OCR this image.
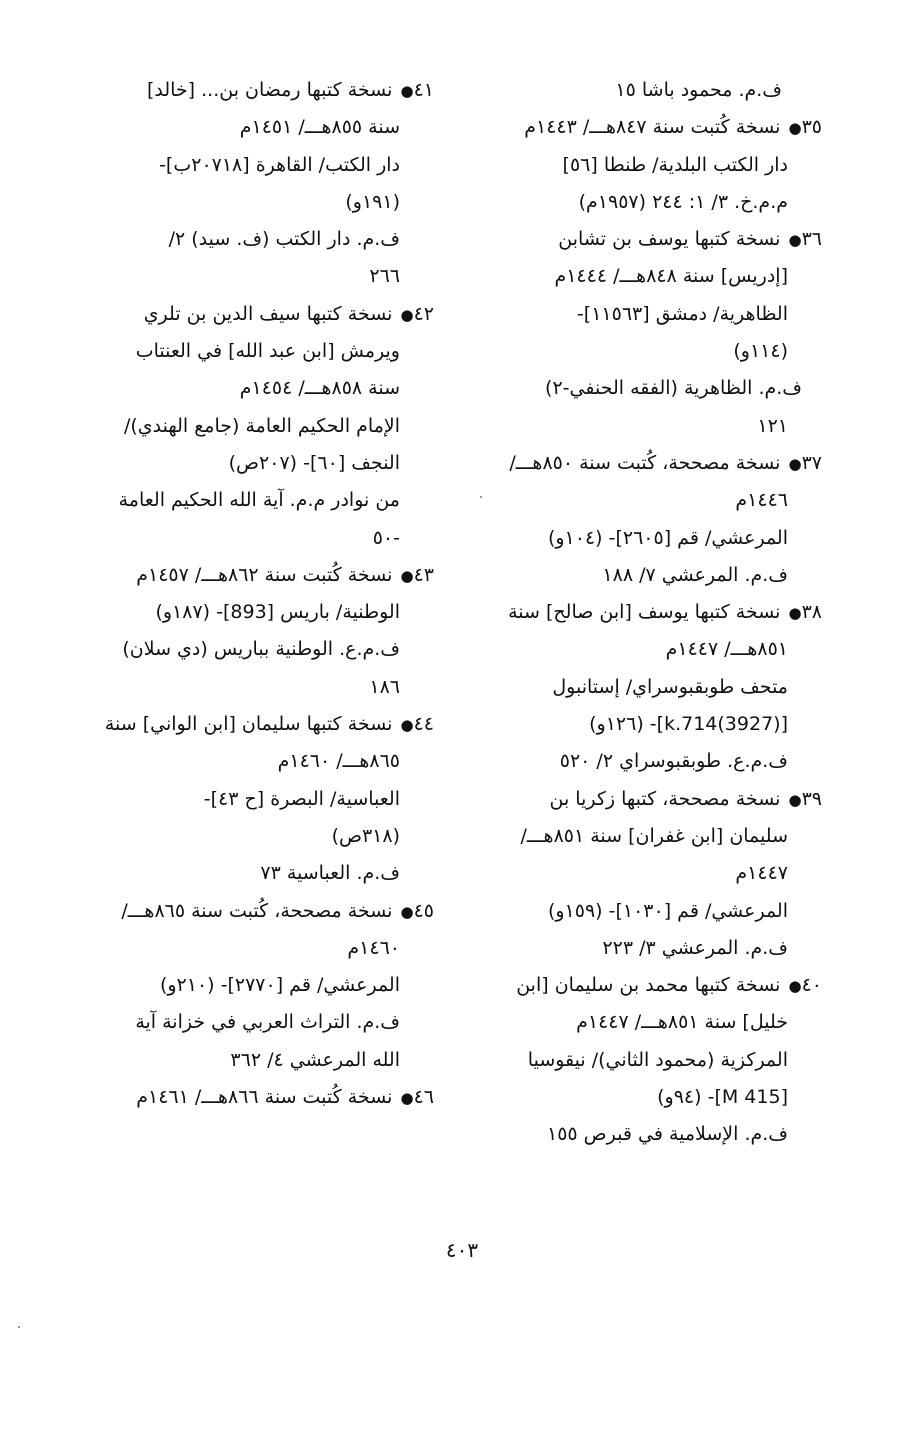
ف.م. محمود باشا ١٥
٣٥● نسخة كُتبت سنة ٨٤٧هـــ/ ١٤٤٣م
دار الكتب البلدية/ طنطا [٥٦]
م.م.خ. ٣/ ١: ٢٤٤ (١٩٥٧م)
٣٦● نسخة كتبها يوسف بن تشابن
[إدريس] سنة ٨٤٨هـــ/ ١٤٤٤م
الظاهرية/ دمشق [١١٥٦٣]-
(١١٤و)
ف.م. الظاهرية (الفقه الحنفي-٢)
١٢١
٣٧● نسخة مصححة، كُتبت سنة ٨٥٠هـــ/
١٤٤٦م
المرعشي/ قم [٢٦٠٥]- (١٠٤و)
ف.م. المرعشي ٧/ ١٨٨
٣٨● نسخة كتبها يوسف [ابن صالح] سنة
٨٥١هـــ/ ١٤٤٧م
متحف طوبقبوسراي/ إستانبول
[k.714(3927)]- (١٢٦و)
ف.م.ع. طوبقبوسراي ٢/ ٥٢٠
٣٩● نسخة مصححة، كتبها زكريا بن
سليمان [ابن غفران] سنة ٨٥١هـــ/
١٤٤٧م
المرعشي/ قم [١٠٣٠]- (١٥٩و)
ف.م. المرعشي ٣/ ٢٢٣
٤٠● نسخة كتبها محمد بن سليمان [ابن
خليل] سنة ٨٥١هـــ/ ١٤٤٧م
المركزية (محمود الثاني)/ نيقوسيا
[M 415]- (٩٤و)
ف.م. الإسلامية في قبرص ١٥٥
٤١● نسخة كتبها رمضان بن... [خالد]
سنة ٨٥٥هـــ/ ١٤٥١م
دار الكتب/ القاهرة [٢٠٧١٨ب]-
(١٩١و)
ف.م. دار الكتب (ف. سيد) ٢/
٢٦٦
٤٢● نسخة كتبها سيف الدين بن تلري
ويرمش [ابن عبد الله] في العنتاب
سنة ٨٥٨هـــ/ ١٤٥٤م
الإمام الحكيم العامة (جامع الهندي)/
النجف [٦٠]- (٢٠٧ص)
من نوادر م.م. آية الله الحكيم العامة
-٥٠
٤٣● نسخة كُتبت سنة ٨٦٢هـــ/ ١٤٥٧م
الوطنية/ باريس [893]- (١٨٧و)
ف.م.ع. الوطنية بباريس (دي سلان)
١٨٦
٤٤● نسخة كتبها سليمان [ابن الواني] سنة
٨٦٥هـــ/ ١٤٦٠م
العباسية/ البصرة [ح ٤٣]-
(٣١٨ص)
ف.م. العباسية ٧٣
٤٥● نسخة مصححة، كُتبت سنة ٨٦٥هـــ/
١٤٦٠م
المرعشي/ قم [٢٧٧٠]- (٢١٠و)
ف.م. التراث العربي في خزانة آية
الله المرعشي ٤/ ٣٦٢
٤٦● نسخة كُتبت سنة ٨٦٦هـــ/ ١٤٦١م
٤٠٣
